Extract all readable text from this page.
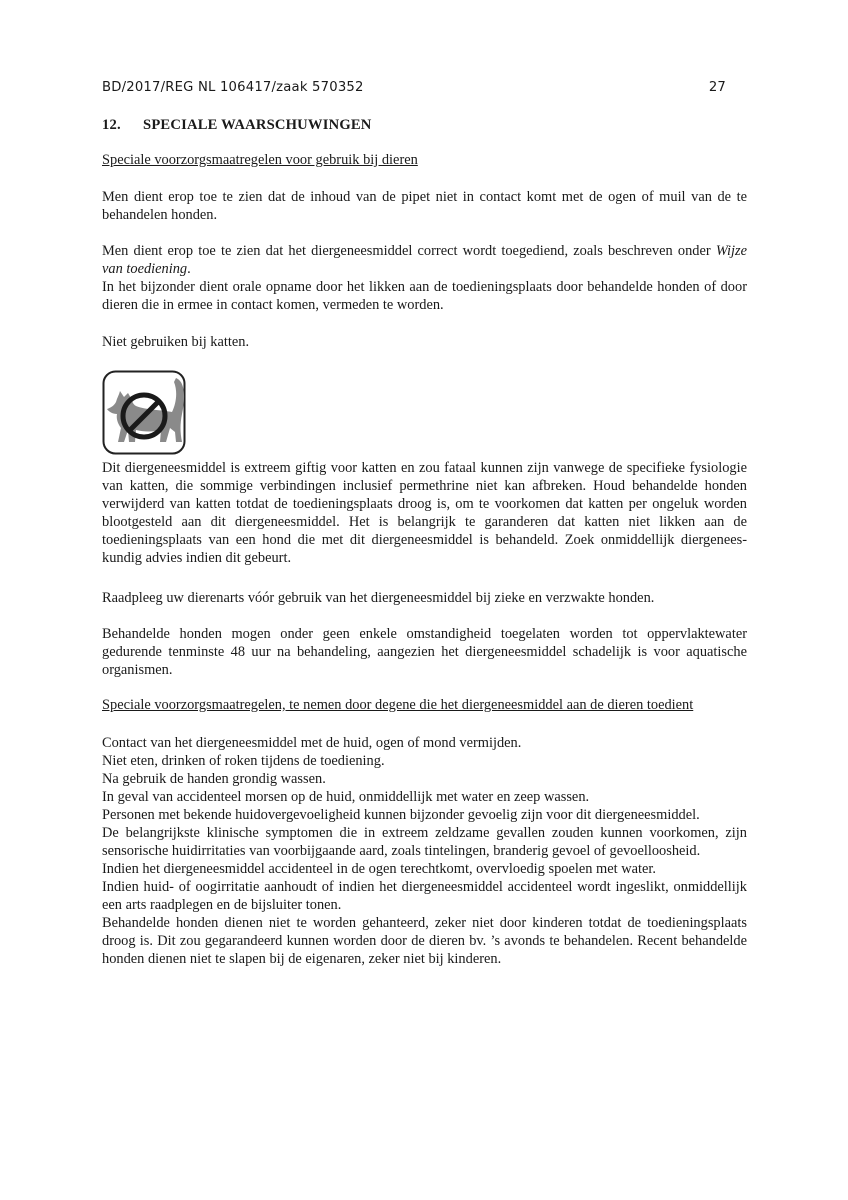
BD/2017/REG NL 106417/zaak 570352	27
12. SPECIALE WAARSCHUWINGEN

Speciale voorzorgsmaatregelen voor gebruik bij dieren

Men dient erop toe te zien dat de inhoud van de pipet niet in contact komt met de ogen of muil van de te behandelen honden.

Men dient erop toe te zien dat het diergeneesmiddel correct wordt toegediend, zoals beschreven onder Wijze van toediening.

In het bijzonder dient orale opname door het likken aan de toedieningsplaats door behandelde honden of door dieren die in ermee in contact komen, vermeden te worden.

Niet gebruiken bij katten.

Dit diergeneesmiddel is extreem giftig voor katten en zou fataal kunnen zijn vanwege de specifieke fysiologie van katten, die sommige verbindingen inclusief permethrine niet kan afbreken. Houd behandelde honden verwijderd van katten totdat de toedieningsplaats droog is, om te voorkomen dat katten per ongeluk worden blootgesteld aan dit diergeneesmiddel. Het is belangrijk te garanderen dat katten niet likken aan de toedieningsplaats van een hond die met dit diergeneesmiddel is behandeld. Zoek onmiddellijk diergenees-kundig advies indien dit gebeurt.

Raadpleeg uw dierenarts vóór gebruik van het diergeneesmiddel bij zieke en verzwakte honden.

Behandelde honden mogen onder geen enkele omstandigheid toegelaten worden tot oppervlaktewater gedurende tenminste 48 uur na behandeling, aangezien het diergeneesmiddel schadelijk is voor aquatische organismen.

Speciale voorzorgsmaatregelen, te nemen door degene die het diergeneesmiddel aan de dieren toedient

Contact van het diergeneesmiddel met de huid, ogen of mond vermijden.
Niet eten, drinken of roken tijdens de toediening.
Na gebruik de handen grondig wassen.
In geval van accidenteel morsen op de huid, onmiddellijk met water en zeep wassen.
Personen met bekende huidovergevoeligheid kunnen bijzonder gevoelig zijn voor dit diergeneesmiddel.
De belangrijkste klinische symptomen die in extreem zeldzame gevallen zouden kunnen voorkomen, zijn sensorische huidirritaties van voorbijgaande aard, zoals tintelingen, branderig gevoel of gevoelloosheid.
Indien het diergeneesmiddel accidenteel in de ogen terechtkomt, overvloedig spoelen met water.
Indien huid- of oogirritatie aanhoudt of indien het diergeneesmiddel accidenteel wordt ingeslikt, onmiddellijk een arts raadplegen en de bijsluiter tonen.
Behandelde honden dienen niet te worden gehanteerd, zeker niet door kinderen totdat de toedieningsplaats droog is. Dit zou gegarandeerd kunnen worden door de dieren bv. ’s avonds te behandelen. Recent behandelde honden dienen niet te slapen bij de eigenaren, zeker niet bij kinderen.
